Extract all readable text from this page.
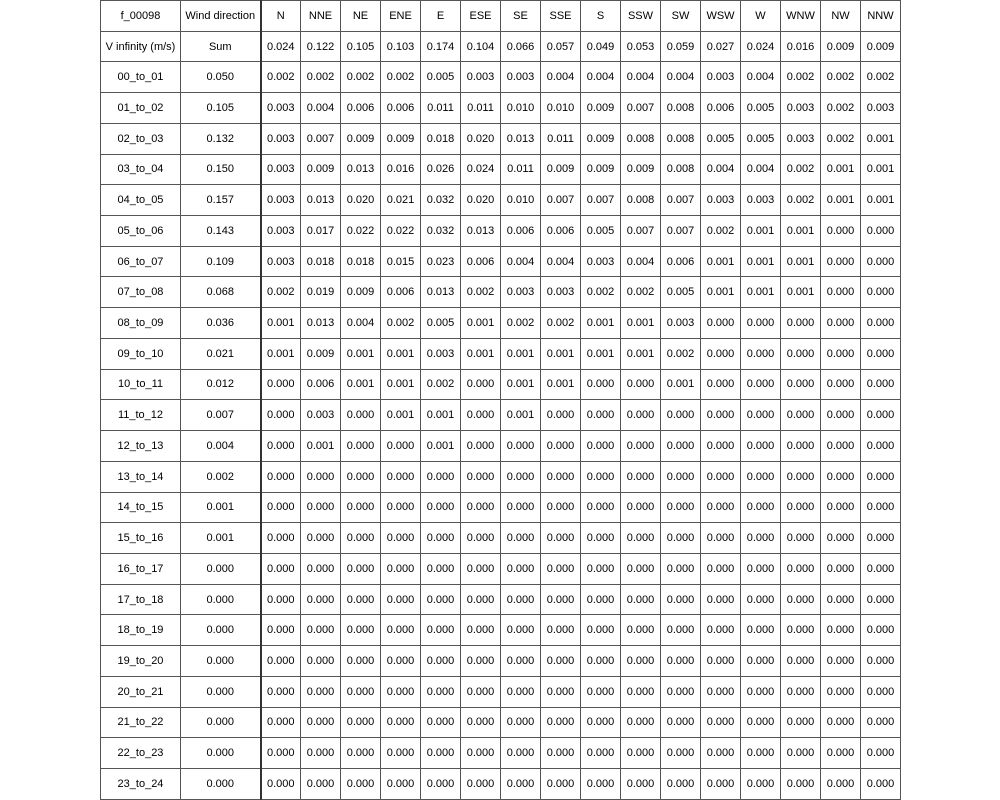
f_00098	Wind direction	N	NNE	NE	ENE	E	ESE	SE	SSE	S	SSW	SW	WSW	W	WNW	NW	NNW
V infinity (m/s)	Sum	0.024	0.122	0.105	0.103	0.174	0.104	0.066	0.057	0.049	0.053	0.059	0.027	0.024	0.016	0.009	0.009
00_to_01	0.050	0.002	0.002	0.002	0.002	0.005	0.003	0.003	0.004	0.004	0.004	0.004	0.003	0.004	0.002	0.002	0.002
01_to_02	0.105	0.003	0.004	0.006	0.006	0.011	0.011	0.010	0.010	0.009	0.007	0.008	0.006	0.005	0.003	0.002	0.003
02_to_03	0.132	0.003	0.007	0.009	0.009	0.018	0.020	0.013	0.011	0.009	0.008	0.008	0.005	0.005	0.003	0.002	0.001
03_to_04	0.150	0.003	0.009	0.013	0.016	0.026	0.024	0.011	0.009	0.009	0.009	0.008	0.004	0.004	0.002	0.001	0.001
04_to_05	0.157	0.003	0.013	0.020	0.021	0.032	0.020	0.010	0.007	0.007	0.008	0.007	0.003	0.003	0.002	0.001	0.001
05_to_06	0.143	0.003	0.017	0.022	0.022	0.032	0.013	0.006	0.006	0.005	0.007	0.007	0.002	0.001	0.001	0.000	0.000
06_to_07	0.109	0.003	0.018	0.018	0.015	0.023	0.006	0.004	0.004	0.003	0.004	0.006	0.001	0.001	0.001	0.000	0.000
07_to_08	0.068	0.002	0.019	0.009	0.006	0.013	0.002	0.003	0.003	0.002	0.002	0.005	0.001	0.001	0.001	0.000	0.000
08_to_09	0.036	0.001	0.013	0.004	0.002	0.005	0.001	0.002	0.002	0.001	0.001	0.003	0.000	0.000	0.000	0.000	0.000
09_to_10	0.021	0.001	0.009	0.001	0.001	0.003	0.001	0.001	0.001	0.001	0.001	0.002	0.000	0.000	0.000	0.000	0.000
10_to_11	0.012	0.000	0.006	0.001	0.001	0.002	0.000	0.001	0.001	0.000	0.000	0.001	0.000	0.000	0.000	0.000	0.000
11_to_12	0.007	0.000	0.003	0.000	0.001	0.001	0.000	0.001	0.000	0.000	0.000	0.000	0.000	0.000	0.000	0.000	0.000
12_to_13	0.004	0.000	0.001	0.000	0.000	0.001	0.000	0.000	0.000	0.000	0.000	0.000	0.000	0.000	0.000	0.000	0.000
13_to_14	0.002	0.000	0.000	0.000	0.000	0.000	0.000	0.000	0.000	0.000	0.000	0.000	0.000	0.000	0.000	0.000	0.000
14_to_15	0.001	0.000	0.000	0.000	0.000	0.000	0.000	0.000	0.000	0.000	0.000	0.000	0.000	0.000	0.000	0.000	0.000
15_to_16	0.001	0.000	0.000	0.000	0.000	0.000	0.000	0.000	0.000	0.000	0.000	0.000	0.000	0.000	0.000	0.000	0.000
16_to_17	0.000	0.000	0.000	0.000	0.000	0.000	0.000	0.000	0.000	0.000	0.000	0.000	0.000	0.000	0.000	0.000	0.000
17_to_18	0.000	0.000	0.000	0.000	0.000	0.000	0.000	0.000	0.000	0.000	0.000	0.000	0.000	0.000	0.000	0.000	0.000
18_to_19	0.000	0.000	0.000	0.000	0.000	0.000	0.000	0.000	0.000	0.000	0.000	0.000	0.000	0.000	0.000	0.000	0.000
19_to_20	0.000	0.000	0.000	0.000	0.000	0.000	0.000	0.000	0.000	0.000	0.000	0.000	0.000	0.000	0.000	0.000	0.000
20_to_21	0.000	0.000	0.000	0.000	0.000	0.000	0.000	0.000	0.000	0.000	0.000	0.000	0.000	0.000	0.000	0.000	0.000
21_to_22	0.000	0.000	0.000	0.000	0.000	0.000	0.000	0.000	0.000	0.000	0.000	0.000	0.000	0.000	0.000	0.000	0.000
22_to_23	0.000	0.000	0.000	0.000	0.000	0.000	0.000	0.000	0.000	0.000	0.000	0.000	0.000	0.000	0.000	0.000	0.000
23_to_24	0.000	0.000	0.000	0.000	0.000	0.000	0.000	0.000	0.000	0.000	0.000	0.000	0.000	0.000	0.000	0.000	0.000
